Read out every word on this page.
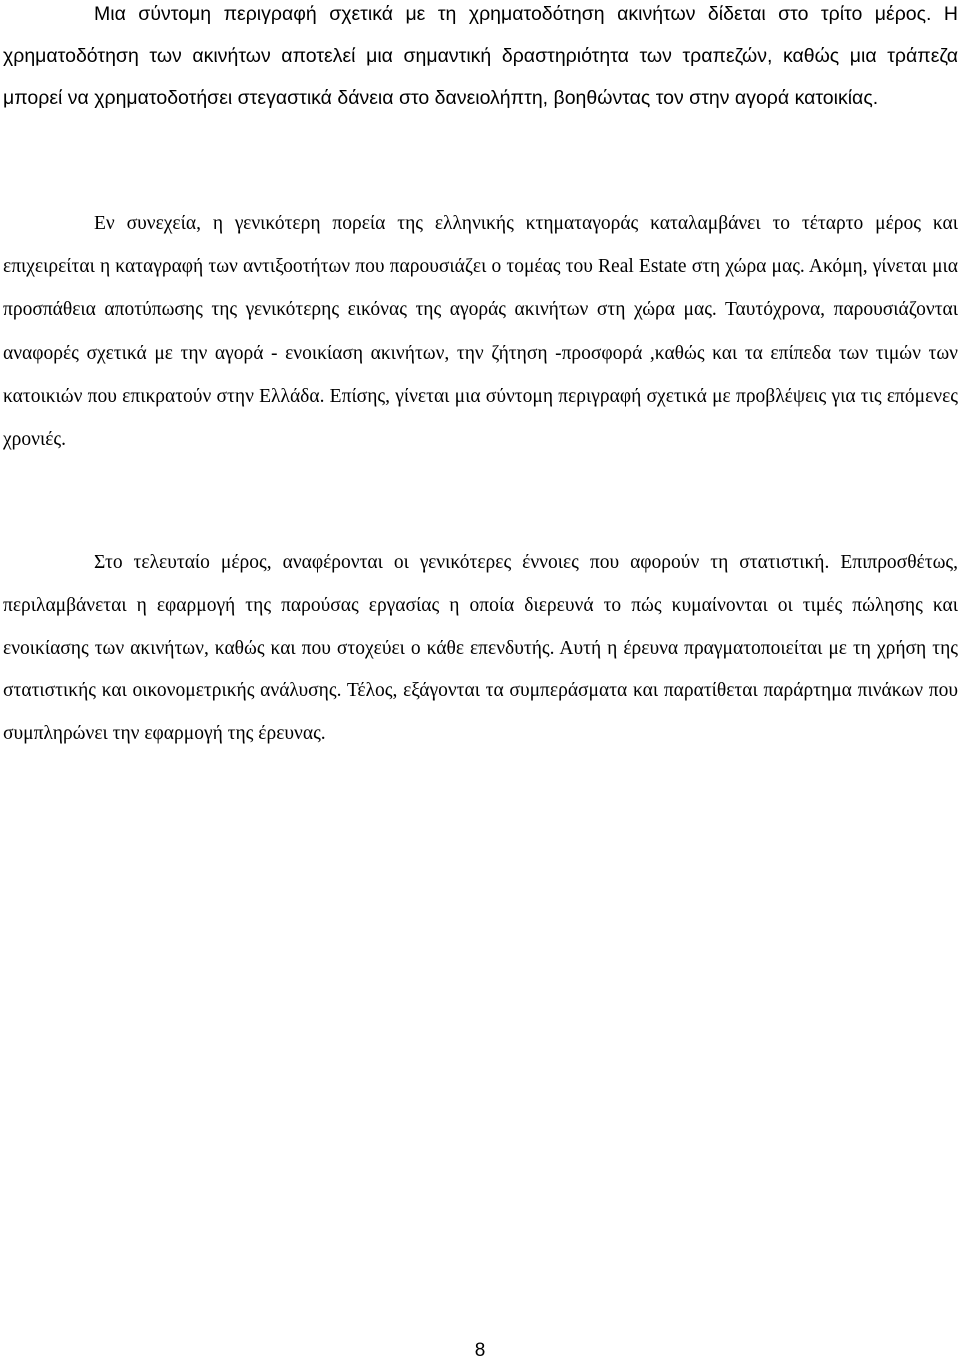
Μια σύντομη περιγραφή σχετικά με τη χρηματοδότηση ακινήτων δίδεται στο τρίτο μέρος. Η χρηματοδότηση των ακινήτων αποτελεί μια σημαντική δραστηριότητα των τραπεζών, καθώς μια τράπεζα μπορεί να χρηματοδοτήσει στεγαστικά δάνεια στο δανειολήπτη, βοηθώντας τον στην αγορά κατοικίας.

Εν συνεχεία, η γενικότερη πορεία της ελληνικής κτηματαγοράς καταλαμβάνει το τέταρτο μέρος και επιχειρείται η καταγραφή των αντιξοοτήτων που παρουσιάζει ο τομέας του Real Estate στη χώρα μας. Ακόμη, γίνεται μια προσπάθεια αποτύπωσης της γενικότερης εικόνας της αγοράς ακινήτων στη χώρα μας. Ταυτόχρονα, παρουσιάζονται αναφορές σχετικά με την αγορά - ενοικίαση ακινήτων, την ζήτηση -προσφορά ,καθώς και τα επίπεδα των τιμών των κατοικιών που επικρατούν στην Ελλάδα. Επίσης, γίνεται μια σύντομη περιγραφή σχετικά με προβλέψεις για τις επόμενες χρονιές.

Στο τελευταίο μέρος, αναφέρονται οι γενικότερες έννοιες που αφορούν τη στατιστική. Επιπροσθέτως, περιλαμβάνεται η εφαρμογή της παρούσας εργασίας η οποία διερευνά το πώς κυμαίνονται οι τιμές πώλησης και ενοικίασης των ακινήτων, καθώς και που στοχεύει ο κάθε επενδυτής. Αυτή η έρευνα πραγματοποιείται με τη χρήση της στατιστικής και οικονομετρικής ανάλυσης. Τέλος, εξάγονται τα συμπεράσματα και παρατίθεται παράρτημα πινάκων που συμπληρώνει την εφαρμογή της έρευνας.

8
